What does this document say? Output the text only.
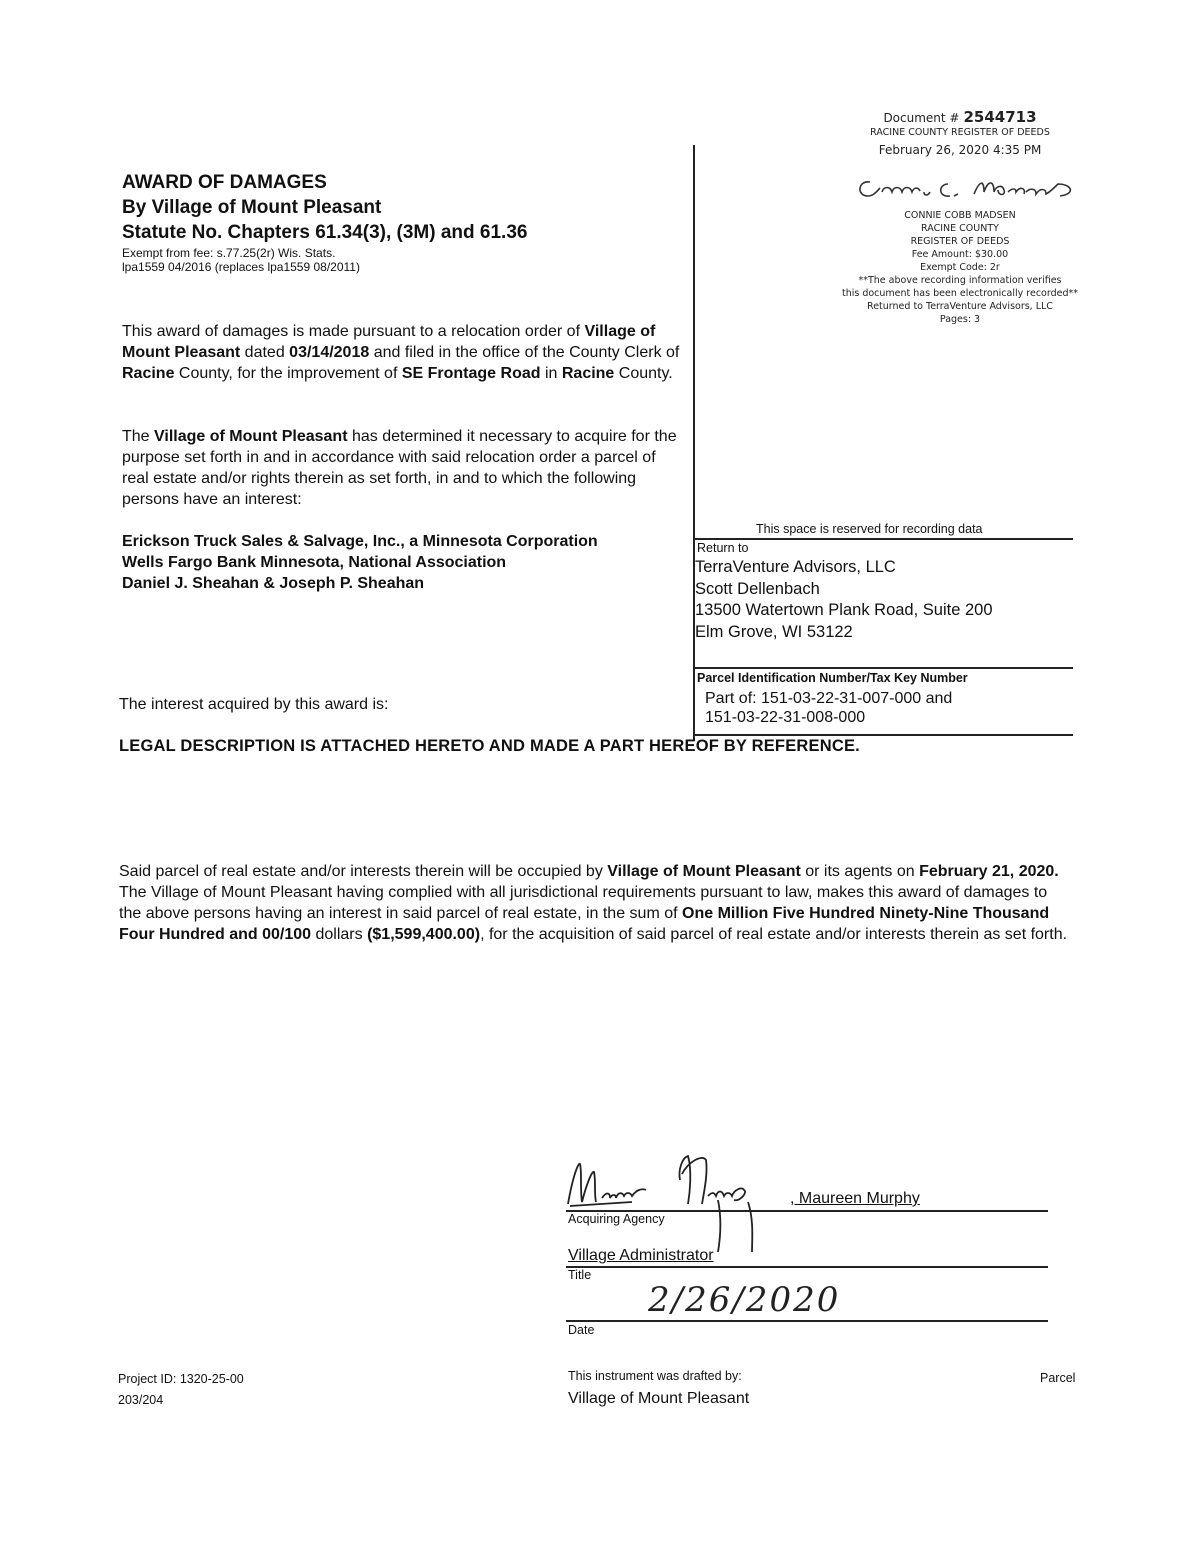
Document # 2544713
RACINE COUNTY REGISTER OF DEEDS
February 26, 2020 4:35 PM
CONNIE COBB MADSEN
RACINE COUNTY
REGISTER OF DEEDS
Fee Amount: $30.00
Exempt Code: 2r
**The above recording information verifies
this document has been electronically recorded**
Returned to TerraVenture Advisors, LLC
Pages: 3
AWARD OF DAMAGES
By Village of Mount Pleasant
Statute No. Chapters 61.34(3), (3M) and 61.36
Exempt from fee: s.77.25(2r) Wis. Stats.
lpa1559 04/2016 (replaces lpa1559 08/2011)
This award of damages is made pursuant to a relocation order of Village of Mount Pleasant dated 03/14/2018 and filed in the office of the County Clerk of Racine County, for the improvement of SE Frontage Road in Racine County.
The Village of Mount Pleasant has determined it necessary to acquire for the purpose set forth in and in accordance with said relocation order a parcel of real estate and/or rights therein as set forth, in and to which the following persons have an interest:
Erickson Truck Sales & Salvage, Inc., a Minnesota Corporation
Wells Fargo Bank Minnesota, National Association
Daniel J. Sheahan & Joseph P. Sheahan
This space is reserved for recording data
Return to
TerraVenture Advisors, LLC
Scott Dellenbach
13500 Watertown Plank Road, Suite 200
Elm Grove, WI 53122
Parcel Identification Number/Tax Key Number
Part of: 151-03-22-31-007-000 and
151-03-22-31-008-000
The interest acquired by this award is:
LEGAL DESCRIPTION IS ATTACHED HERETO AND MADE A PART HEREOF BY REFERENCE.
Said parcel of real estate and/or interests therein will be occupied by Village of Mount Pleasant or its agents on February 21, 2020. The Village of Mount Pleasant having complied with all jurisdictional requirements pursuant to law, makes this award of damages to the above persons having an interest in said parcel of real estate, in the sum of One Million Five Hundred Ninety-Nine Thousand Four Hundred and 00/100 dollars ($1,599,400.00), for the acquisition of said parcel of real estate and/or interests therein as set forth.
, Maureen Murphy
Acquiring Agency
Village Administrator
Title
2/26/2020
Date
Project ID: 1320-25-00
203/204
This instrument was drafted by:
Village of Mount Pleasant
Parcel
